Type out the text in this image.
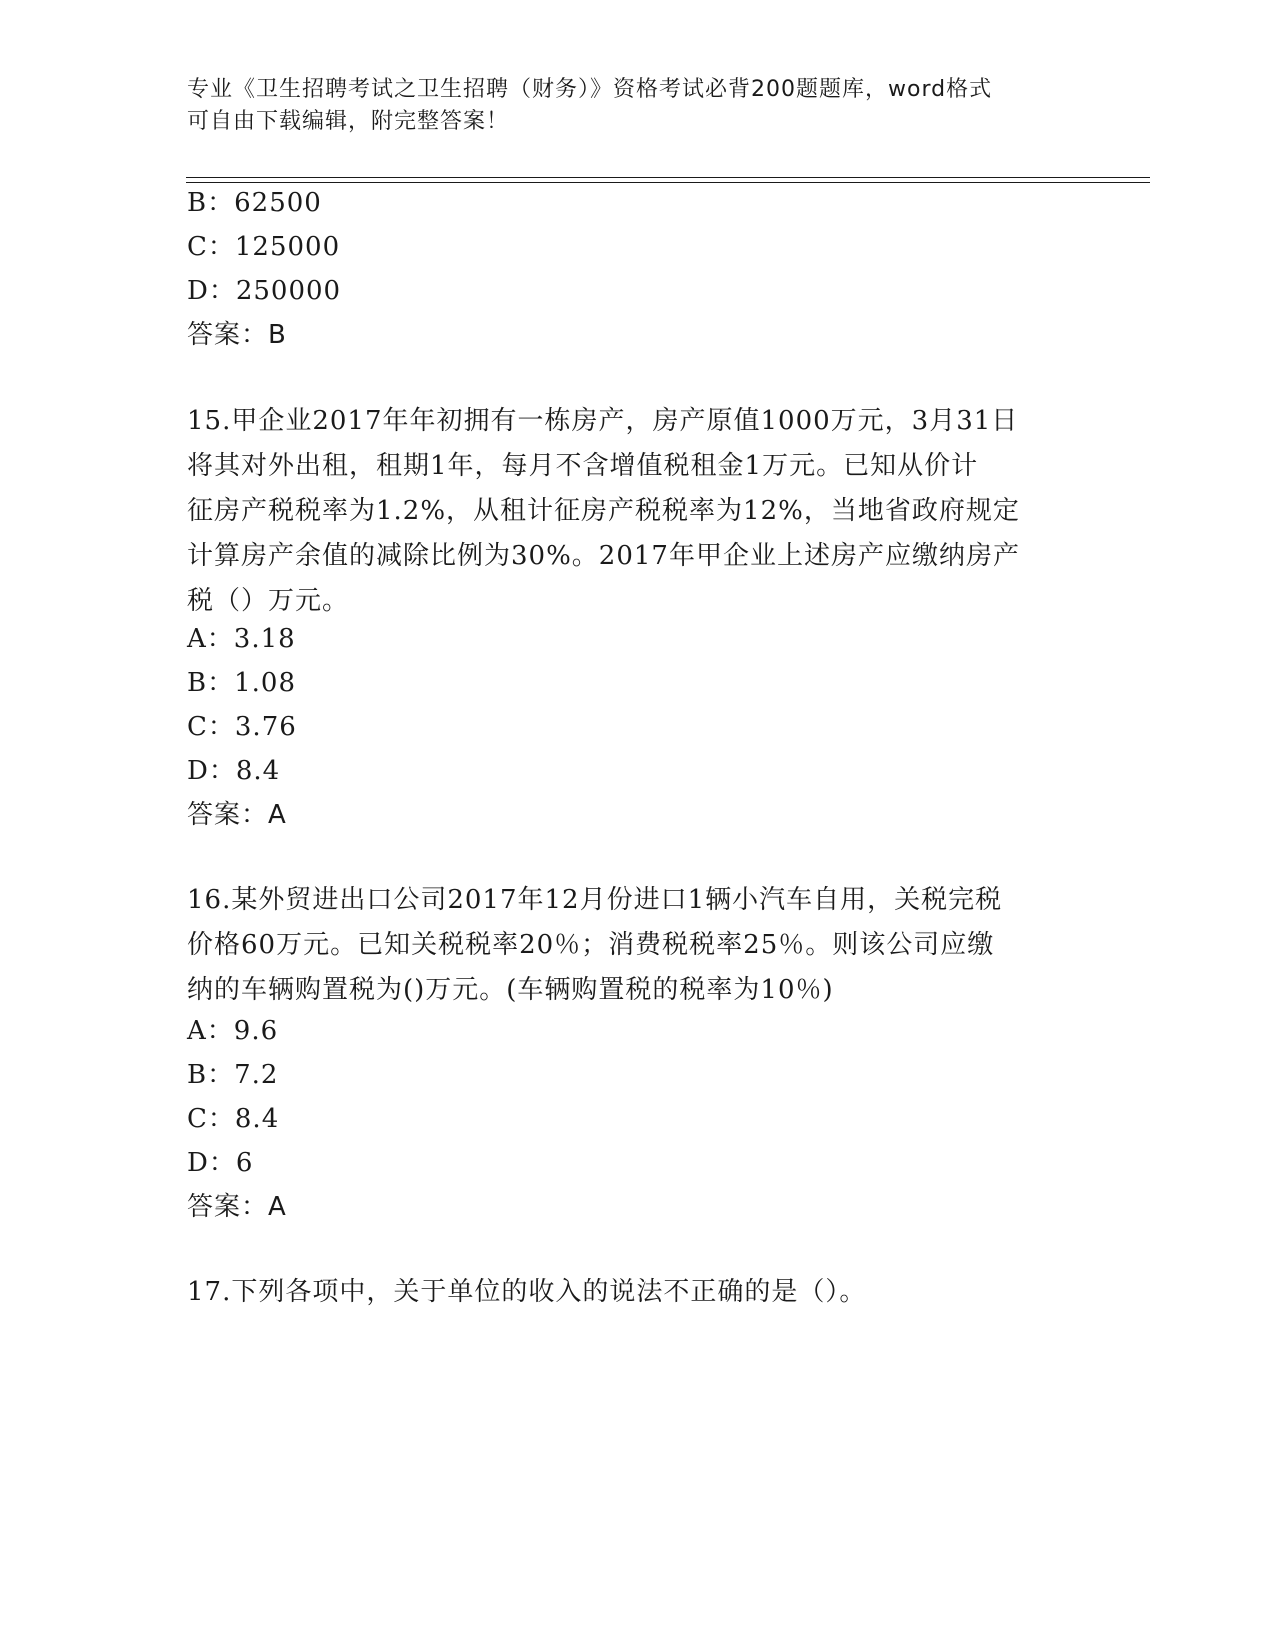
专业《卫生招聘考试之卫生招聘（财务）》资格考试必背200题题库，word格式
可自由下载编辑，附完整答案！
B：62500
C：125000
D：250000
答案：B
15.甲企业2017年年初拥有一栋房产，房产原值1000万元，3月31日
将其对外出租，租期1年，每月不含增值税租金1万元。已知从价计
征房产税税率为1.2%，从租计征房产税税率为12%，当地省政府规定
计算房产余值的减除比例为30%。2017年甲企业上述房产应缴纳房产
税（）万元。
A：3.18
B：1.08
C：3.76
D：8.4
答案：A
16.某外贸进出口公司2017年12月份进口1辆小汽车自用，关税完税
价格60万元。已知关税税率20％；消费税税率25％。则该公司应缴
纳的车辆购置税为()万元。(车辆购置税的税率为10％)
A：9.6
B：7.2
C：8.4
D：6
答案：A
17.下列各项中，关于单位的收入的说法不正确的是（）。
